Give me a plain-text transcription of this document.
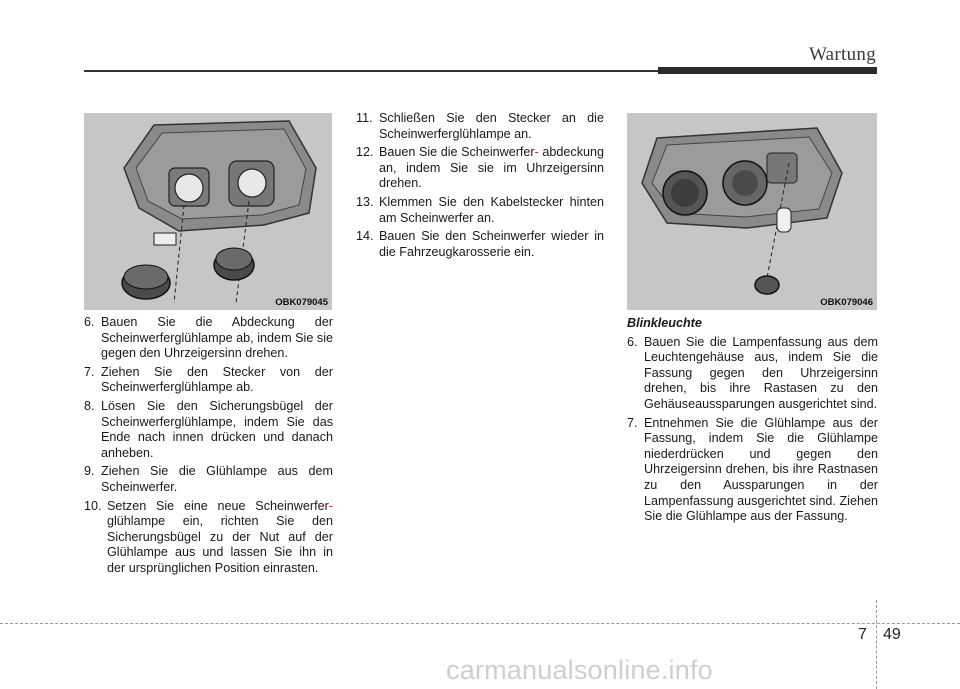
Wartung
OBK079045	OBK079046
6. Bauen Sie die Abdeckung der Scheinwerferglühlampe ab, indem Sie sie gegen den Uhrzeigersinn drehen.
7. Ziehen Sie den Stecker von der Scheinwerferglühlampe ab.
8. Lösen Sie den Sicherungsbügel der Scheinwerferglühlampe, indem Sie das Ende nach innen drücken und danach anheben.
9. Ziehen Sie die Glühlampe aus dem Scheinwerfer.
10. Setzen Sie eine neue Scheinwerfer- glühlampe ein, richten Sie den Sicherungsbügel zu der Nut auf der Glühlampe aus und lassen Sie ihn in der ursprünglichen Position einrasten.
11. Schließen Sie den Stecker an die Scheinwerferglühlampe an.
12. Bauen Sie die Scheinwerfer- abdeckung an, indem Sie sie im Uhrzeigersinn drehen.
13. Klemmen Sie den Kabelstecker hinten am Scheinwerfer an.
14. Bauen Sie den Scheinwerfer wieder in die Fahrzeugkarosserie ein.
Blinkleuchte
6. Bauen Sie die Lampenfassung aus dem Leuchtengehäuse aus, indem Sie die Fassung gegen den Uhrzeigersinn drehen, bis ihre Rastasen zu den Gehäuseaussparungen ausgerichtet sind.
7. Entnehmen Sie die Glühlampe aus der Fassung, indem Sie die Glühlampe niederdrücken und gegen den Uhrzeigersinn drehen, bis ihre Rastnasen zu den Aussparungen in der Lampenfassung ausgerichtet sind. Ziehen Sie die Glühlampe aus der Fassung.
7 49
carmanualsonline.info
